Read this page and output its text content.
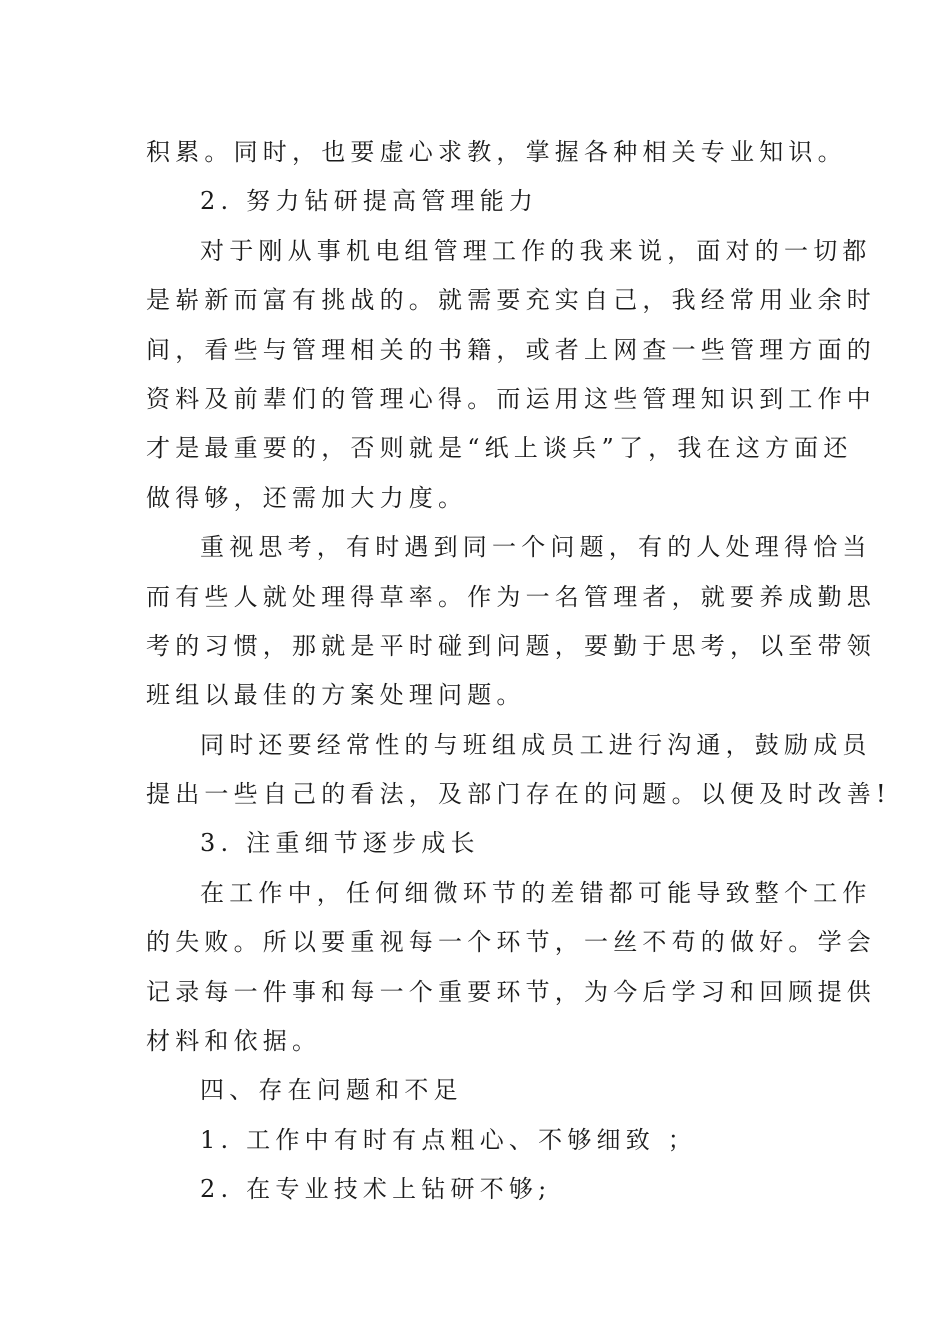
积累。同时，也要虚心求教，掌握各种相关专业知识。
2. 努力钻研提高管理能力
对于刚从事机电组管理工作的我来说，面对的一切都
是崭新而富有挑战的。就需要充实自己，我经常用业余时
间，看些与管理相关的书籍，或者上网查一些管理方面的
资料及前辈们的管理心得。而运用这些管理知识到工作中
才是最重要的，否则就是“纸上谈兵”了，我在这方面还
做得够，还需加大力度。
重视思考，有时遇到同一个问题，有的人处理得恰当
而有些人就处理得草率。作为一名管理者，就要养成勤思
考的习惯，那就是平时碰到问题，要勤于思考，以至带领
班组以最佳的方案处理问题。
同时还要经常性的与班组成员工进行沟通，鼓励成员
提出一些自己的看法，及部门存在的问题。以便及时改善!
3. 注重细节逐步成长
在工作中，任何细微环节的差错都可能导致整个工作
的失败。所以要重视每一个环节，一丝不苟的做好。学会
记录每一件事和每一个重要环节，为今后学习和回顾提供
材料和依据。
四、存在问题和不足
1. 工作中有时有点粗心、不够细致 ；
2. 在专业技术上钻研不够;
